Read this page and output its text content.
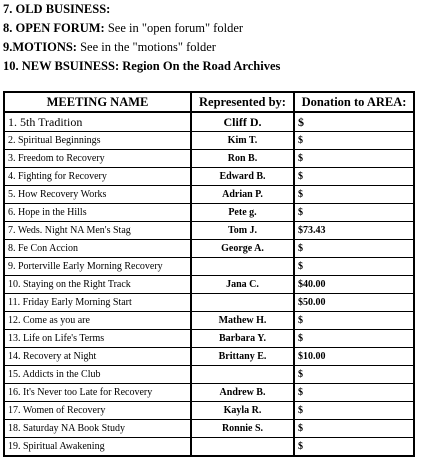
7. OLD BUSINESS:
8. OPEN FORUM: See in "open forum" folder
9.MOTIONS: See in the "motions" folder
10. NEW BSUINESS: Region On the Road Archives
MEETING NAME	Represented by:	Donation to AREA:
1. 5th Tradition	Cliff D.	$
2. Spiritual Beginnings	Kim T.	$
3. Freedom to Recovery	Ron B.	$
4. Fighting for Recovery	Edward B.	$
5. How Recovery Works	Adrian P.	$
6. Hope in the Hills	Pete g.	$
7. Weds. Night NA Men's Stag	Tom J.	$73.43
8. Fe Con Accion	George A.	$
9. Porterville Early Morning Recovery		$
10. Staying on the Right Track	Jana C.	$40.00
11. Friday Early Morning Start		$50.00
12. Come as you are	Mathew H.	$
13. Life on Life's Terms	Barbara Y.	$
14. Recovery at Night	Brittany E.	$10.00
15. Addicts in the Club		$
16. It's Never too Late for Recovery	Andrew B.	$
17. Women of Recovery	Kayla R.	$
18. Saturday NA Book Study	Ronnie S.	$
19. Spiritual Awakening		$
